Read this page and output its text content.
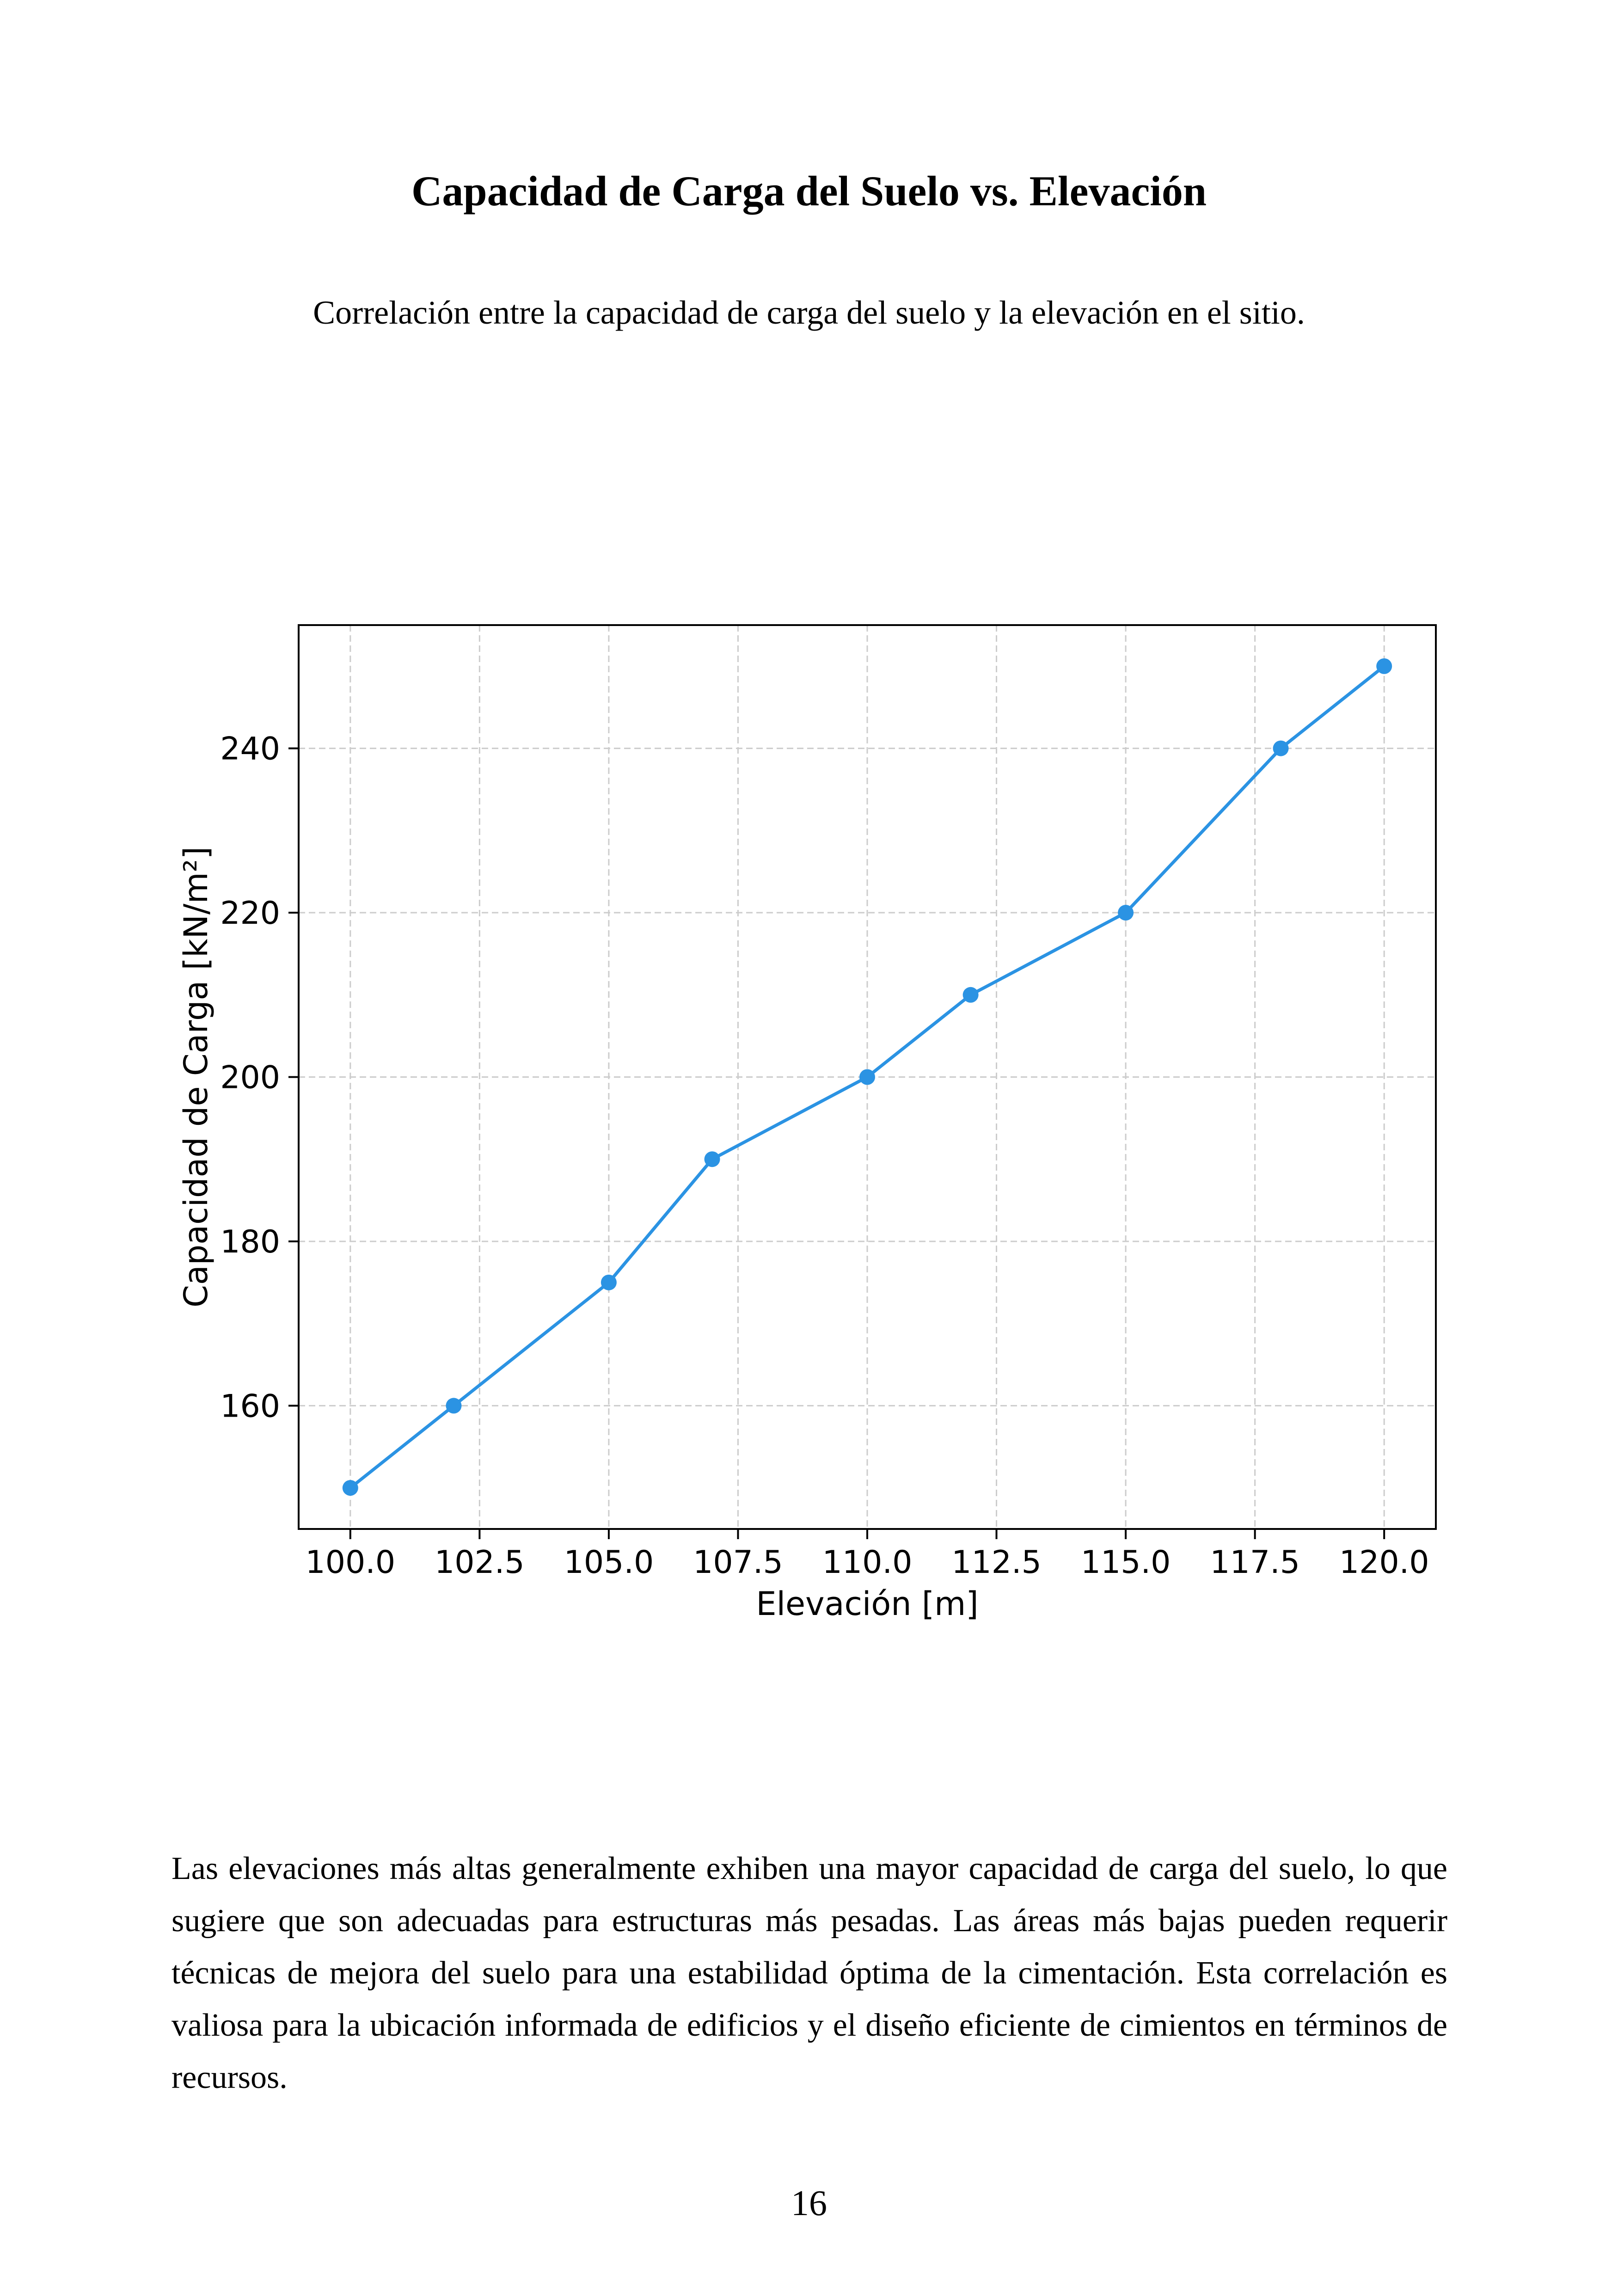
Capacidad de Carga del Suelo vs. Elevación

Correlación entre la capacidad de carga del suelo y la elevación en el sitio.

100.0 102.5 105.0 107.5 110.0 112.5 115.0 117.5 120.0
160
180
200
220
240
Elevación [m]
Capacidad de Carga [kN/m²]

Las elevaciones más altas generalmente exhiben una mayor capacidad de carga del suelo, lo que sugiere que son adecuadas para estructuras más pesadas. Las áreas más bajas pueden requerir técnicas de mejora del suelo para una estabilidad óptima de la cimentación. Esta correlación es valiosa para la ubicación informada de edificios y el diseño eficiente de cimientos en términos de recursos.

16
